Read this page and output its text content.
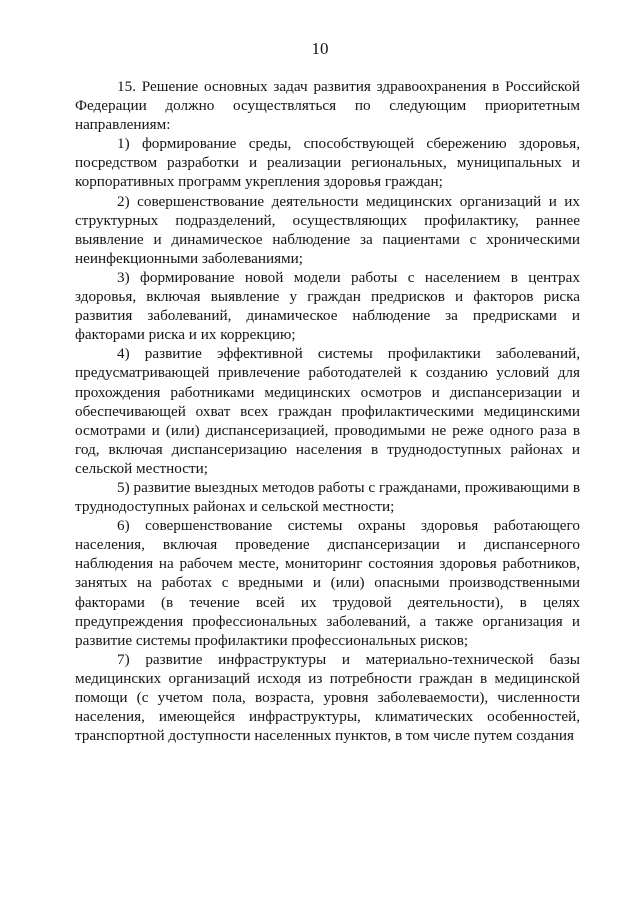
10

15. Решение основных задач развития здравоохранения в Российской Федерации должно осуществляться по следующим приоритетным направлениям:

1) формирование среды, способствующей сбережению здоровья, посредством разработки и реализации региональных, муниципальных и корпоративных программ укрепления здоровья граждан;

2) совершенствование деятельности медицинских организаций и их структурных подразделений, осуществляющих профилактику, раннее выявление и динамическое наблюдение за пациентами с хроническими неинфекционными заболеваниями;

3) формирование новой модели работы с населением в центрах здоровья, включая выявление у граждан предрисков и факторов риска развития заболеваний, динамическое наблюдение за предрисками и факторами риска и их коррекцию;

4) развитие эффективной системы профилактики заболеваний, предусматривающей привлечение работодателей к созданию условий для прохождения работниками медицинских осмотров и диспансеризации и обеспечивающей охват всех граждан профилактическими медицинскими осмотрами и (или) диспансеризацией, проводимыми не реже одного раза в год, включая диспансеризацию населения в труднодоступных районах и сельской местности;

5) развитие выездных методов работы с гражданами, проживающими в труднодоступных районах и сельской местности;

6) совершенствование системы охраны здоровья работающего населения, включая проведение диспансеризации и диспансерного наблюдения на рабочем месте, мониторинг состояния здоровья работников, занятых на работах с вредными и (или) опасными производственными факторами (в течение всей их трудовой деятельности), в целях предупреждения профессиональных заболеваний, а также организация и развитие системы профилактики профессиональных рисков;

7) развитие инфраструктуры и материально-технической базы медицинских организаций исходя из потребности граждан в медицинской помощи (с учетом пола, возраста, уровня заболеваемости), численности населения, имеющейся инфраструктуры, климатических особенностей, транспортной доступности населенных пунктов, в том числе путем создания
